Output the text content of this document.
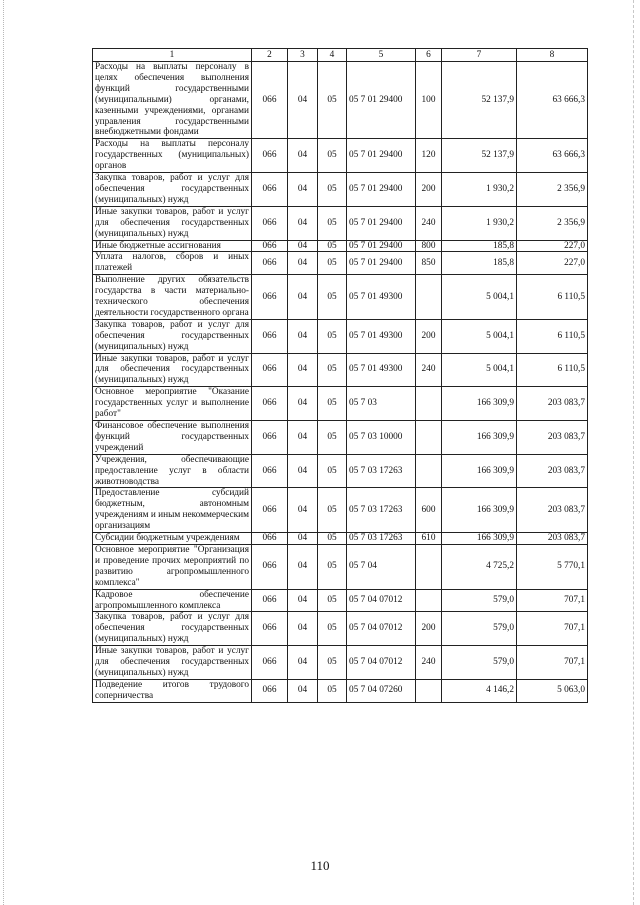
1	2	3	4	5	6	7	8
Расходы на выплаты персоналу в целях обеспечения выполнения функций государственными (муниципальными) органами, казенными учреждениями, органами управления государственными внебюджетными фондами	066	04	05	05 7 01 29400	100	52 137,9	63 666,3
Расходы на выплаты персоналу государственных (муниципальных) органов	066	04	05	05 7 01 29400	120	52 137,9	63 666,3
Закупка товаров, работ и услуг для обеспечения государственных (муниципальных) нужд	066	04	05	05 7 01 29400	200	1 930,2	2 356,9
Иные закупки товаров, работ и услуг для обеспечения государственных (муниципальных) нужд	066	04	05	05 7 01 29400	240	1 930,2	2 356,9
Иные бюджетные ассигнования	066	04	05	05 7 01 29400	800	185,8	227,0
Уплата налогов, сборов и иных платежей	066	04	05	05 7 01 29400	850	185,8	227,0
Выполнение других обязательств государства в части материально-технического обеспечения деятельности государственного органа	066	04	05	05 7 01 49300		5 004,1	6 110,5
Закупка товаров, работ и услуг для обеспечения государственных (муниципальных) нужд	066	04	05	05 7 01 49300	200	5 004,1	6 110,5
Иные закупки товаров, работ и услуг для обеспечения государственных (муниципальных) нужд	066	04	05	05 7 01 49300	240	5 004,1	6 110,5
Основное мероприятие "Оказание государственных услуг и выполнение работ"	066	04	05	05 7 03		166 309,9	203 083,7
Финансовое обеспечение выполнения функций государственных учреждений	066	04	05	05 7 03 10000		166 309,9	203 083,7
Учреждения, обеспечивающие предоставление услуг в области животноводства	066	04	05	05 7 03 17263		166 309,9	203 083,7
Предоставление субсидий бюджетным, автономным учреждениям и иным некоммерческим организациям	066	04	05	05 7 03 17263	600	166 309,9	203 083,7
Субсидии бюджетным учреждениям	066	04	05	05 7 03 17263	610	166 309,9	203 083,7
Основное мероприятие "Организация и проведение прочих мероприятий по развитию агропромышленного комплекса"	066	04	05	05 7 04		4 725,2	5 770,1
Кадровое обеспечение агропромышленного комплекса	066	04	05	05 7 04 07012		579,0	707,1
Закупка товаров, работ и услуг для обеспечения государственных (муниципальных) нужд	066	04	05	05 7 04 07012	200	579,0	707,1
Иные закупки товаров, работ и услуг для обеспечения государственных (муниципальных) нужд	066	04	05	05 7 04 07012	240	579,0	707,1
Подведение итогов трудового соперничества	066	04	05	05 7 04 07260		4 146,2	5 063,0
110
